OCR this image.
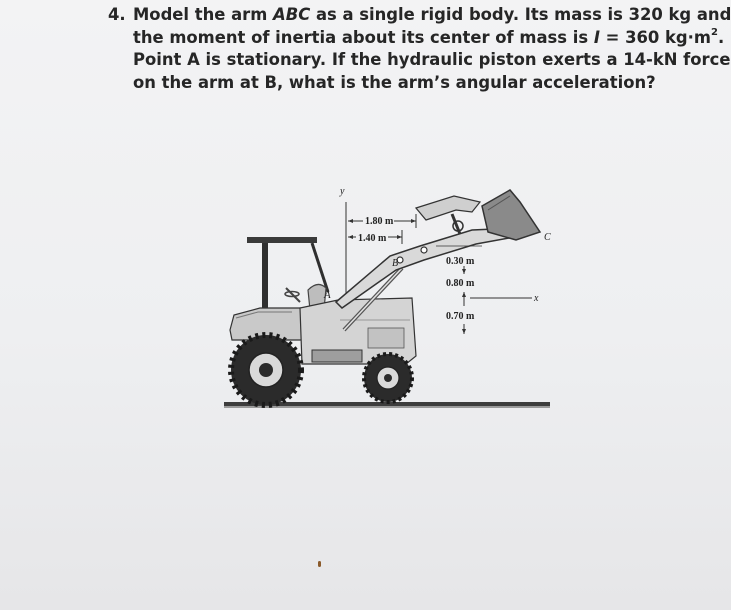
4. Model the arm ABC as a single rigid body. Its mass is 320 kg and
the moment of inertia about its center of mass is I = 360 $kg\cdot m^2$.
Point A is stationary. If the hydraulic piston exerts a 14-kN force
on the arm at B, what is the arm’s angular acceleration?
y
x
1.80 m
1.40 m
0.30 m
0.80 m
0.70 m
A
B
C
